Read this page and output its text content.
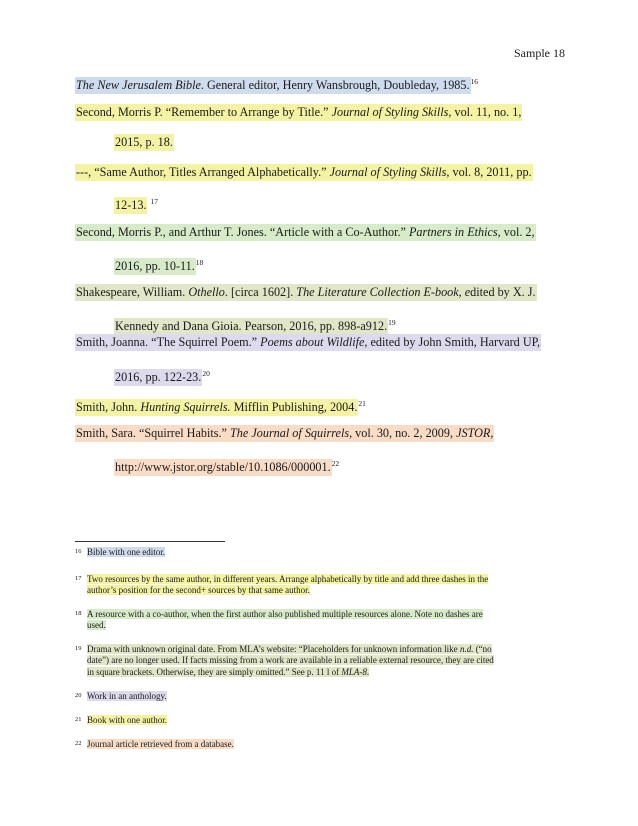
Sample 18
The New Jerusalem Bible. General editor, Henry Wansbrough, Doubleday, 1985.16
Second, Morris P. “Remember to Arrange by Title.” Journal of Styling Skills, vol. 11, no. 1,
2015, p. 18.
---, “Same Author, Titles Arranged Alphabetically.” Journal of Styling Skills, vol. 8, 2011, pp.
12-13. $^{17}$
Second, Morris P., and Arthur T. Jones. “Article with a Co-Author.” Partners in Ethics, vol. 2,
2016, pp. 10-11.18
Shakespeare, William. Othello. [circa 1602]. The Literature Collection E-book, edited by X. J.
Kennedy and Dana Gioia. Pearson, 2016, pp. 898-a912.19
Smith, Joanna. “The Squirrel Poem.” Poems about Wildlife, edited by John Smith, Harvard UP,
2016, pp. 122-23.20
Smith, John. Hunting Squirrels. Mifflin Publishing, 2004.21
Smith, Sara. “Squirrel Habits.” The Journal of Squirrels, vol. 30, no. 2, 2009, JSTOR,
http://www.jstor.org/stable/10.1086/000001.22
16 Bible with one editor.
17 Two resources by the same author, in different years. Arrange alphabetically by title and add three dashes in the
author’s position for the second+ sources by that same author.
18 A resource with a co-author, when the first author also published multiple resources alone. Note no dashes are
used.
19 Drama with unknown original date. From MLA’s website: “Placeholders for unknown information like n.d. (“no
date”) are no longer used. If facts missing from a work are available in a reliable external resource, they are cited
in square brackets. Otherwise, they are simply omitted.” See p. 11 l of MLA-8.
20 Work in an anthology.
21 Book with one author.
22 Journal article retrieved from a database.
